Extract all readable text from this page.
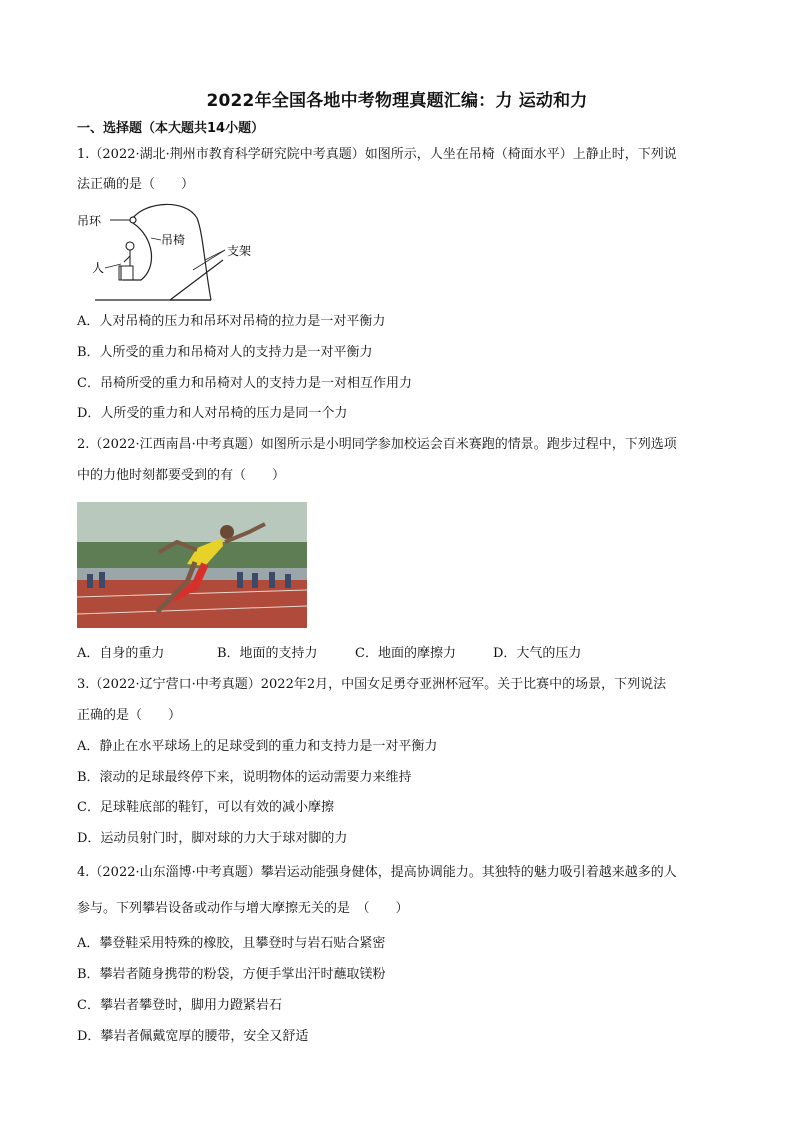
2022年全国各地中考物理真题汇编：力 运动和力
一、选择题（本大题共14小题）
1.（2022·湖北·荆州市教育科学研究院中考真题）如图所示，人坐在吊椅（椅面水平）上静止时，下列说
法正确的是（　　）
吊环
吊椅
人
支架
A．人对吊椅的压力和吊环对吊椅的拉力是一对平衡力
B．人所受的重力和吊椅对人的支持力是一对平衡力
C．吊椅所受的重力和吊椅对人的支持力是一对相互作用力
D．人所受的重力和人对吊椅的压力是同一个力
2.（2022·江西南昌·中考真题）如图所示是小明同学参加校运会百米赛跑的情景。跑步过程中，下列选项
中的力他时刻都要受到的有（　　）
A．自身的重力	B．地面的支持力	C．地面的摩擦力	D．大气的压力
3.（2022·辽宁营口·中考真题）2022年2月，中国女足勇夺亚洲杯冠军。关于比赛中的场景，下列说法
正确的是（　　）
A．静止在水平球场上的足球受到的重力和支持力是一对平衡力
B．滚动的足球最终停下来，说明物体的运动需要力来维持
C．足球鞋底部的鞋钉，可以有效的减小摩擦
D．运动员射门时，脚对球的力大于球对脚的力
4.（2022·山东淄博·中考真题）攀岩运动能强身健体，提高协调能力。其独特的魅力吸引着越来越多的人
参与。下列攀岩设备或动作与增大摩擦无关的是　（　　）
A．攀登鞋采用特殊的橡胶，且攀登时与岩石贴合紧密
B．攀岩者随身携带的粉袋，方便手掌出汗时蘸取镁粉
C．攀岩者攀登时，脚用力蹬紧岩石
D．攀岩者佩戴宽厚的腰带，安全又舒适
